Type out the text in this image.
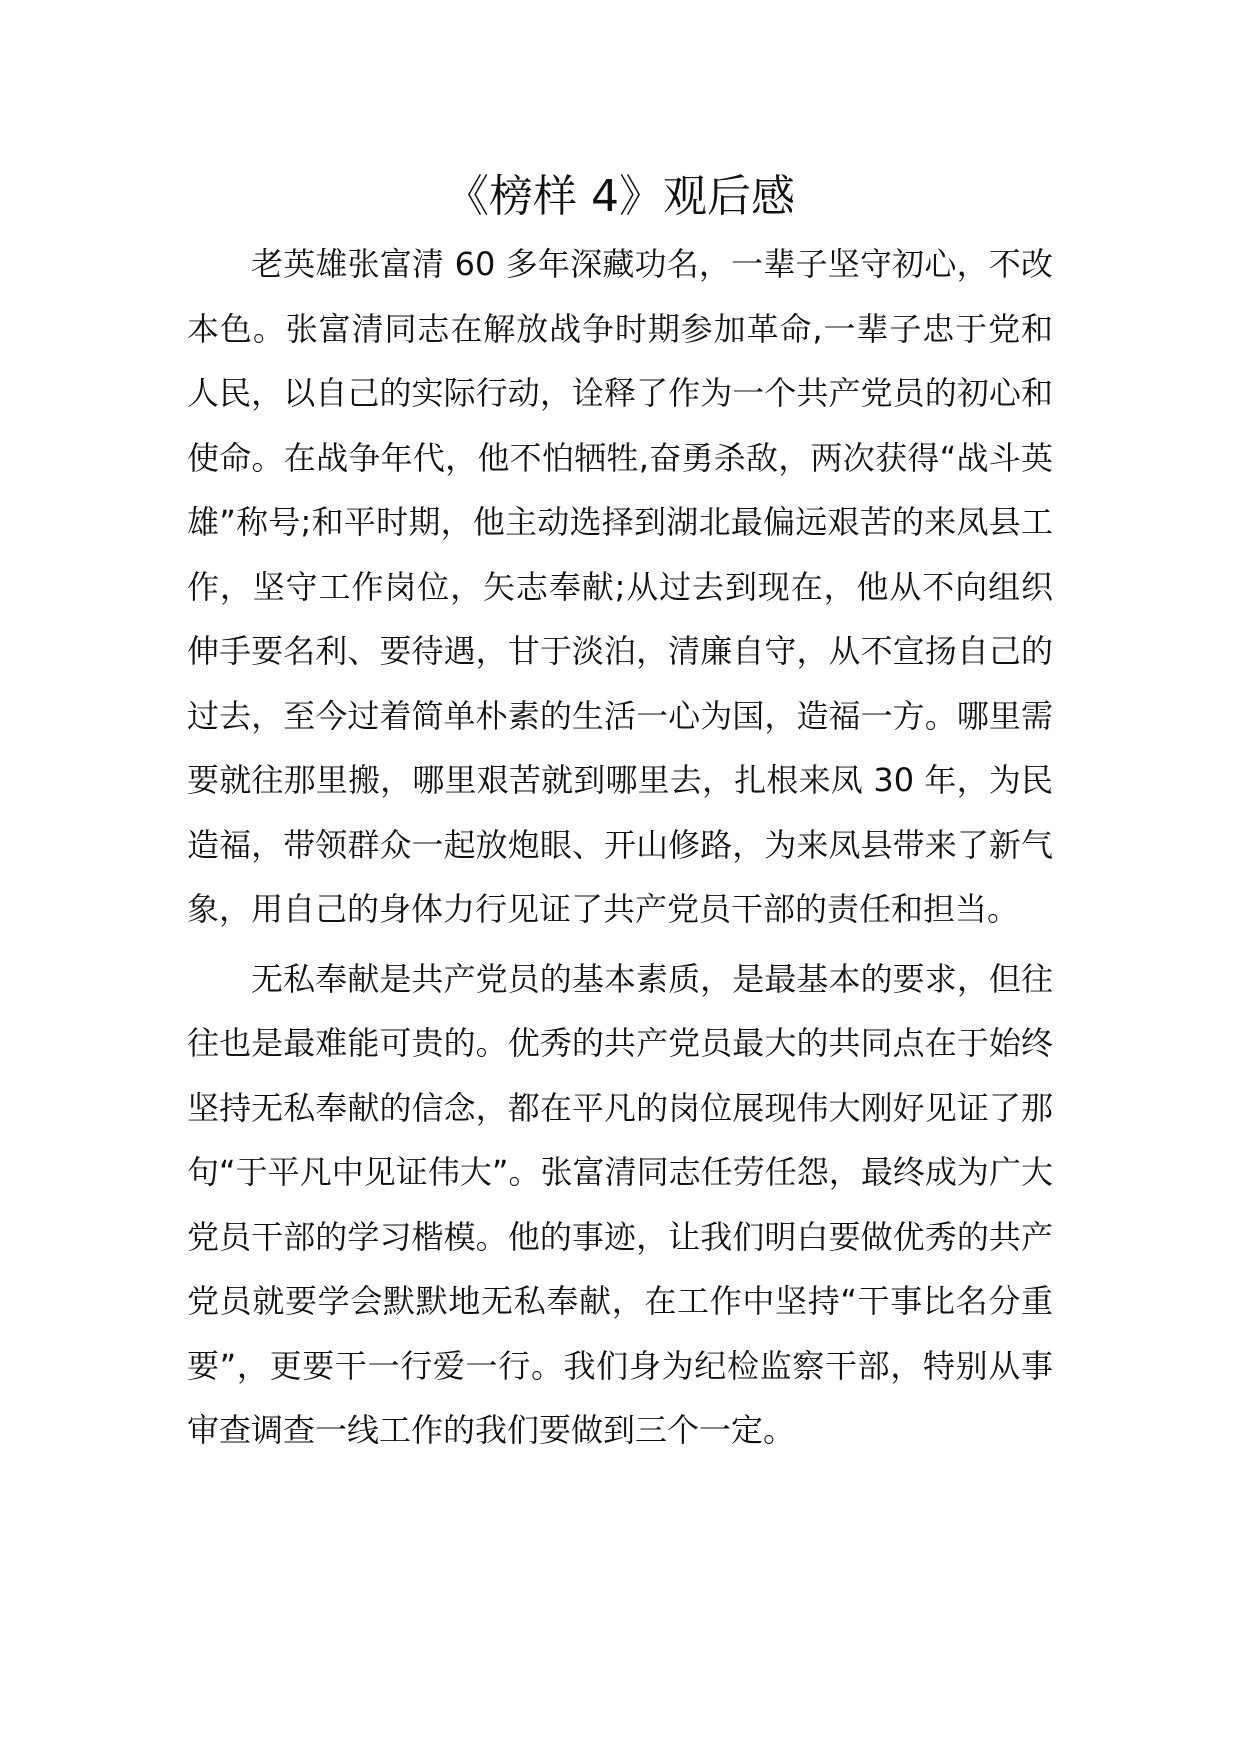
《榜样 4》观后感

老英雄张富清 60 多年深藏功名，一辈子坚守初心，不改本色。张富清同志在解放战争时期参加革命,一辈子忠于党和人民，以自己的实际行动，诠释了作为一个共产党员的初心和使命。在战争年代，他不怕牺牲,奋勇杀敌，两次获得“战斗英雄”称号;和平时期，他主动选择到湖北最偏远艰苦的来凤县工作，坚守工作岗位，矢志奉献;从过去到现在，他从不向组织伸手要名利、要待遇，甘于淡泊，清廉自守，从不宣扬自己的过去，至今过着简单朴素的生活一心为国，造福一方。哪里需要就往那里搬，哪里艰苦就到哪里去，扎根来凤 30 年，为民造福，带领群众一起放炮眼、开山修路，为来凤县带来了新气象，用自己的身体力行见证了共产党员干部的责任和担当。

无私奉献是共产党员的基本素质，是最基本的要求，但往往也是最难能可贵的。优秀的共产党员最大的共同点在于始终坚持无私奉献的信念，都在平凡的岗位展现伟大刚好见证了那句“于平凡中见证伟大”。张富清同志任劳任怨，最终成为广大党员干部的学习楷模。他的事迹，让我们明白要做优秀的共产党员就要学会默默地无私奉献，在工作中坚持“干事比名分重要”，更要干一行爱一行。我们身为纪检监察干部，特别从事审查调查一线工作的我们要做到三个一定。
